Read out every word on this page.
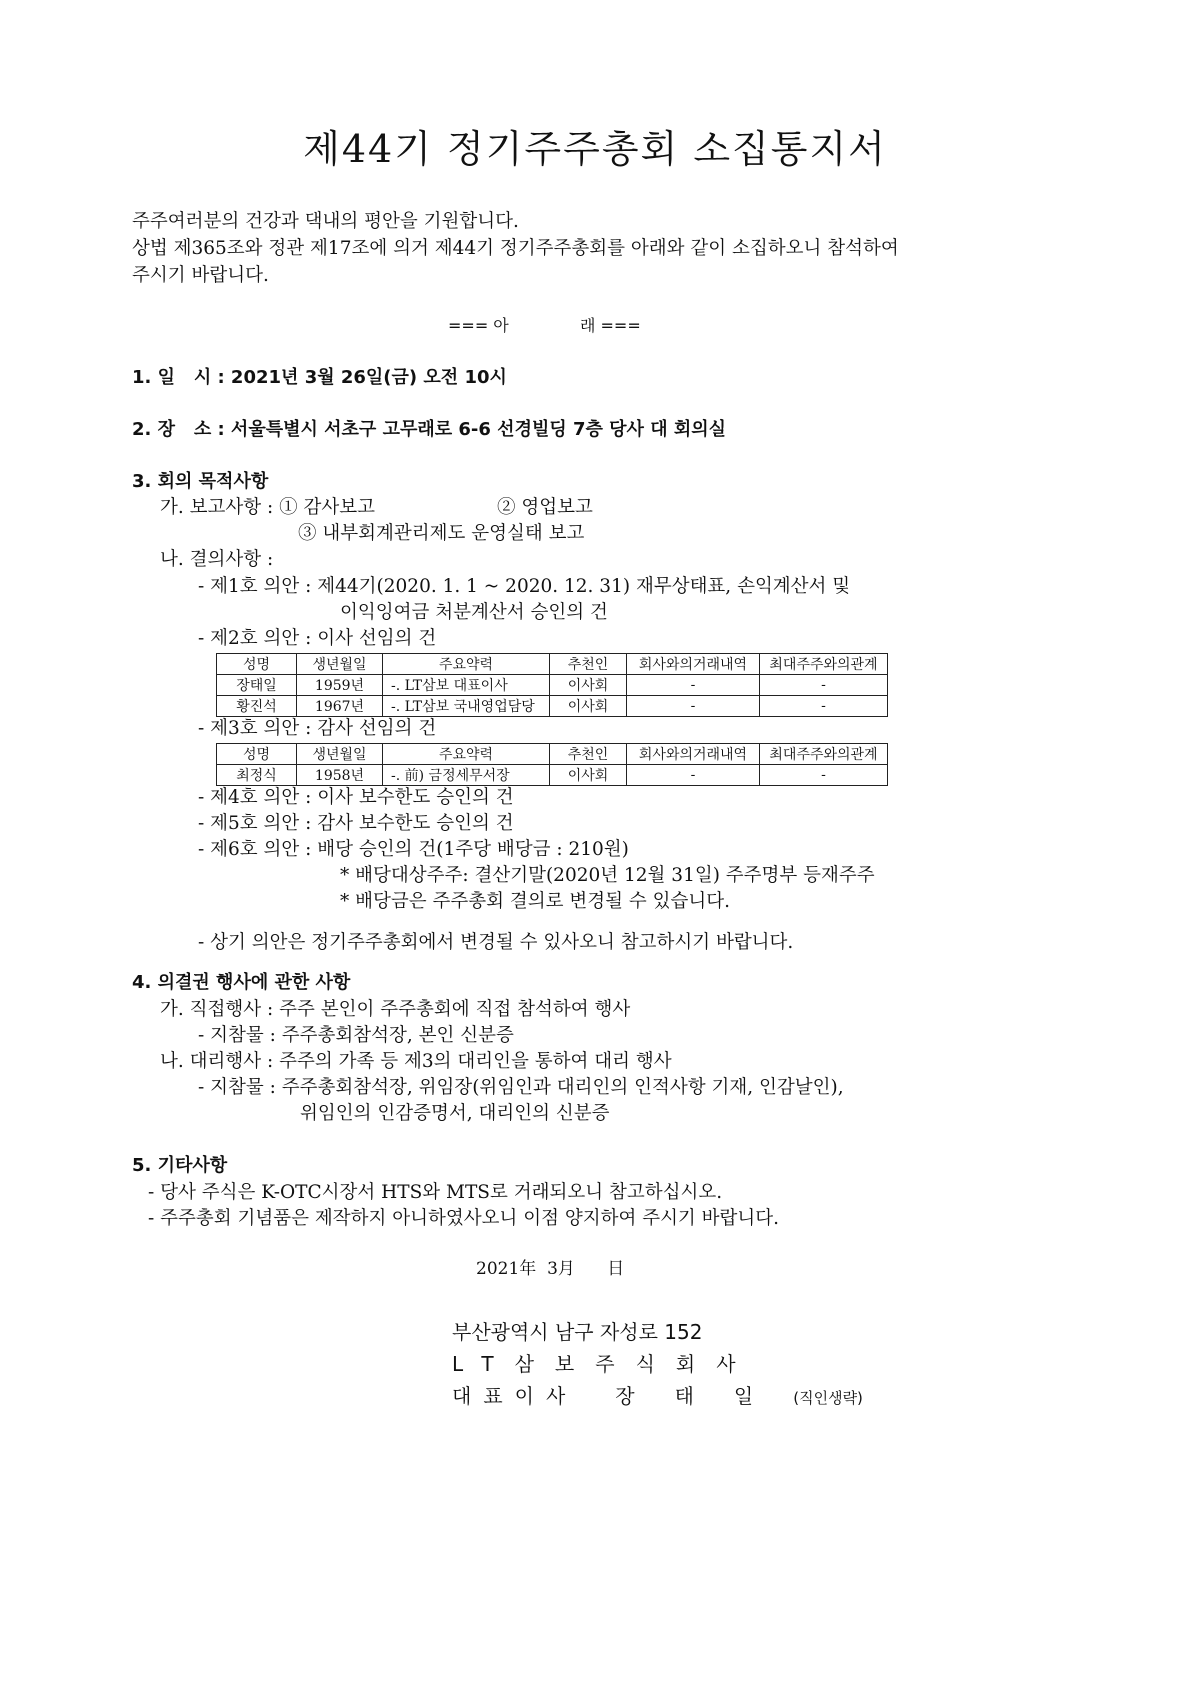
제44기 정기주주총회 소집통지서
주주여러분의 건강과 댁내의 평안을 기원합니다.
상법 제365조와 정관 제17조에 의거 제44기 정기주주총회를 아래와 같이 소집하오니 참석하여
주시기 바랍니다.
=== 아              래 ===
1. 일   시 : 2021년 3월 26일(금) 오전 10시
2. 장   소 : 서울특별시 서초구 고무래로 6-6 선경빌딩 7층 당사 대 회의실
3. 회의 목적사항
가. 보고사항 : ① 감사보고	② 영업보고
③ 내부회계관리제도 운영실태 보고
나. 결의사항 :
- 제1호 의안 : 제44기(2020. 1. 1 ~ 2020. 12. 31) 재무상태표, 손익계산서 및
이익잉여금 처분계산서 승인의 건
- 제2호 의안 : 이사 선임의 건
성명	생년월일	주요약력	추천인	회사와의거래내역	최대주주와의관계
장태일	1959년	-. LT삼보 대표이사	이사회	-	-
황진석	1967년	-. LT삼보 국내영업담당	이사회	-	-
- 제3호 의안 : 감사 선임의 건
성명	생년월일	주요약력	추천인	회사와의거래내역	최대주주와의관계
최정식	1958년	-. 前) 금정세무서장	이사회	-	-
- 제4호 의안 : 이사 보수한도 승인의 건
- 제5호 의안 : 감사 보수한도 승인의 건
- 제6호 의안 : 배당 승인의 건(1주당 배당금 : 210원)
* 배당대상주주: 결산기말(2020년 12월 31일) 주주명부 등재주주
* 배당금은 주주총회 결의로 변경될 수 있습니다.
- 상기 의안은 정기주주총회에서 변경될 수 있사오니 참고하시기 바랍니다.
4. 의결권 행사에 관한 사항
가. 직접행사 : 주주 본인이 주주총회에 직접 참석하여 행사
- 지참물 : 주주총회참석장, 본인 신분증
나. 대리행사 : 주주의 가족 등 제3의 대리인을 통하여 대리 행사
- 지참물 : 주주총회참석장, 위임장(위임인과 대리인의 인적사항 기재, 인감날인),
위임인의 인감증명서, 대리인의 신분증
5. 기타사항
- 당사 주식은 K-OTC시장서 HTS와 MTS로 거래되오니 참고하십시오.
- 주주총회 기념품은 제작하지 아니하였사오니 이점 양지하여 주시기 바랍니다.
2021年  3月      日
부산광역시 남구 자성로 152
LT삼보주식회사
대표이사 장태일(직인생략)
